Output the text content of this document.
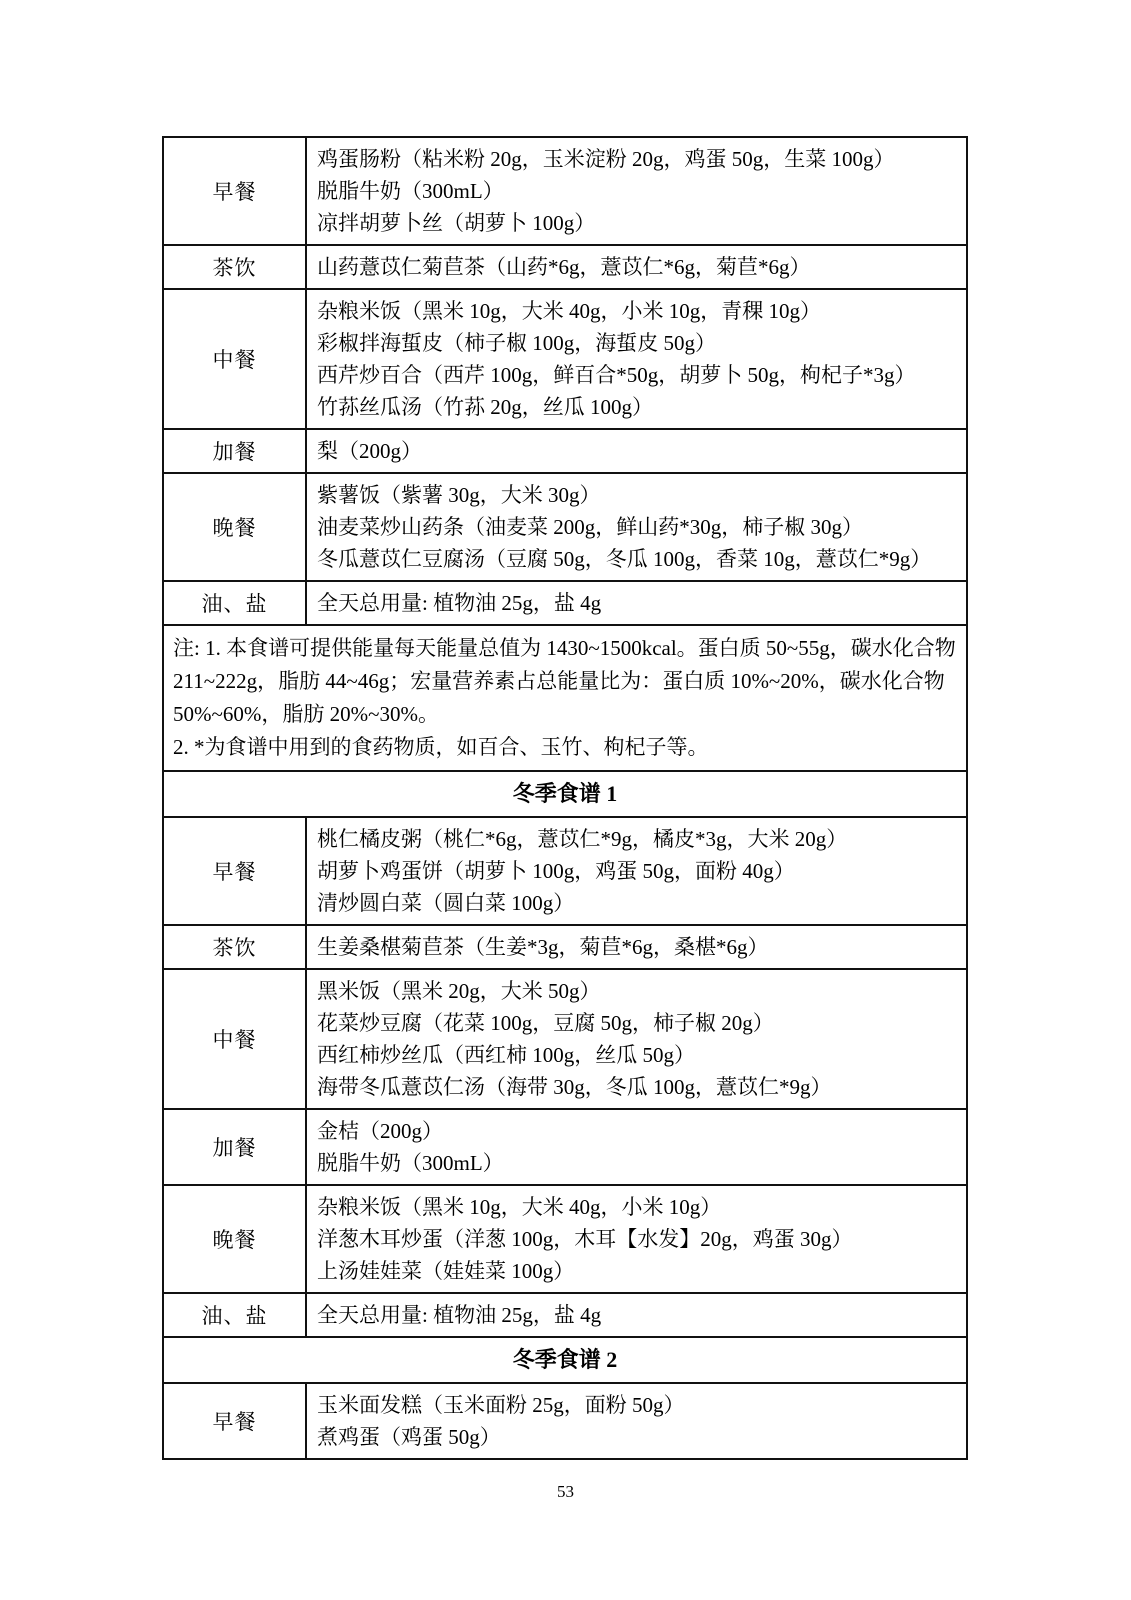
早餐	鸡蛋肠粉（粘米粉 20g，玉米淀粉 20g，鸡蛋 50g，生菜 100g）
脱脂牛奶（300mL）
凉拌胡萝卜丝（胡萝卜 100g）

茶饮	山药薏苡仁菊苣茶（山药*6g，薏苡仁*6g，菊苣*6g）

中餐	杂粮米饭（黑米 10g，大米 40g，小米 10g，青稞 10g）
彩椒拌海蜇皮（柿子椒 100g，海蜇皮 50g）
西芹炒百合（西芹 100g，鲜百合*50g，胡萝卜 50g，枸杞子*3g）
竹荪丝瓜汤（竹荪 20g，丝瓜 100g）

加餐	梨（200g）

晚餐	紫薯饭（紫薯 30g，大米 30g）
油麦菜炒山药条（油麦菜 200g，鲜山药*30g，柿子椒 30g）
冬瓜薏苡仁豆腐汤（豆腐 50g，冬瓜 100g，香菜 10g，薏苡仁*9g）

油、盐	全天总用量: 植物油 25g，盐 4g

注: 1. 本食谱可提供能量每天能量总值为 1430~1500kcal。蛋白质 50~55g，碳水化合物 211~222g，脂肪 44~46g；宏量营养素占总能量比为：蛋白质 10%~20%，碳水化合物 50%~60%，脂肪 20%~30%。

2. *为食谱中用到的食药物质，如百合、玉竹、枸杞子等。	

冬季食谱 1	

早餐	桃仁橘皮粥（桃仁*6g，薏苡仁*9g，橘皮*3g，大米 20g）
胡萝卜鸡蛋饼（胡萝卜 100g，鸡蛋 50g，面粉 40g）
清炒圆白菜（圆白菜 100g）

茶饮	生姜桑椹菊苣茶（生姜*3g，菊苣*6g，桑椹*6g）

中餐	黑米饭（黑米 20g，大米 50g）
花菜炒豆腐（花菜 100g，豆腐 50g，柿子椒 20g）
西红柿炒丝瓜（西红柿 100g，丝瓜 50g）
海带冬瓜薏苡仁汤（海带 30g，冬瓜 100g，薏苡仁*9g）

加餐	金桔（200g）
脱脂牛奶（300mL）

晚餐	杂粮米饭（黑米 10g，大米 40g，小米 10g）
洋葱木耳炒蛋（洋葱 100g，木耳【水发】20g，鸡蛋 30g）
上汤娃娃菜（娃娃菜 100g）

油、盐	全天总用量: 植物油 25g，盐 4g

冬季食谱 2	

早餐	玉米面发糕（玉米面粉 25g，面粉 50g）
煮鸡蛋（鸡蛋 50g）
53
